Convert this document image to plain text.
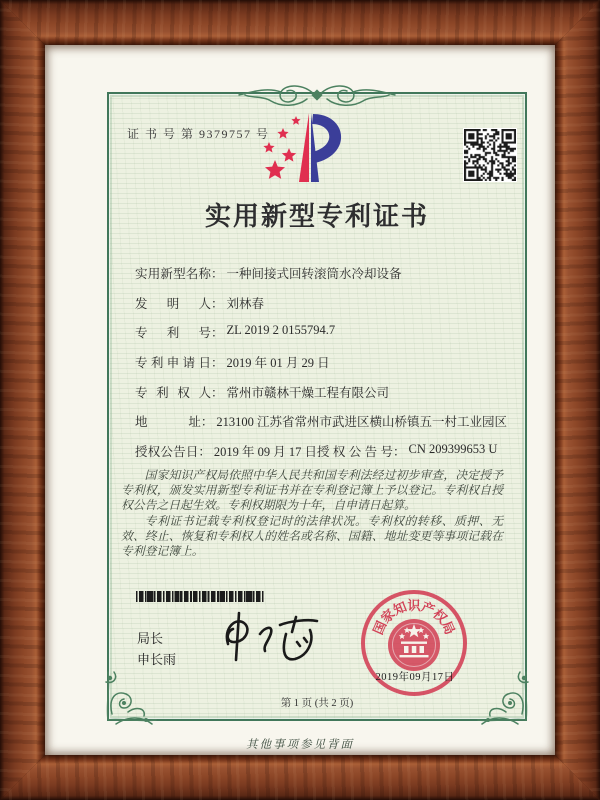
证 书 号 第 9379757 号
实用新型专利证书
实用新型名称 ： 一种间接式回转滚筒水冷却设备
发明人 ： 刘林春
专利号 ： ZL 2019 2 0155794.7
专利申请日 ： 2019 年 01 月 29 日
专利权人 ： 常州市赣林干燥工程有限公司
地址 ： 213100 江苏省常州市武进区横山桥镇五一村工业园区
授权公告日 ： 2019 年 09 月 17 日 授权公告号 ： CN 209399653 U

国家知识产权局依照中华人民共和国专利法经过初步审查，决定授予专利权，颁发实用新型专利证书并在专利登记簿上予以登记。专利权自授权公告之日起生效。专利权期限为十年，自申请日起算。

专利证书记载专利权登记时的法律状况。专利权的转移、质押、无效、终止、恢复和专利权人的姓名或名称、国籍、地址变更等事项记载在专利登记簿上。

局长
申长雨
国
家
知
识
产
权
局
2019年09月17日
第 1 页 (共 2 页)
其他事项参见背面
